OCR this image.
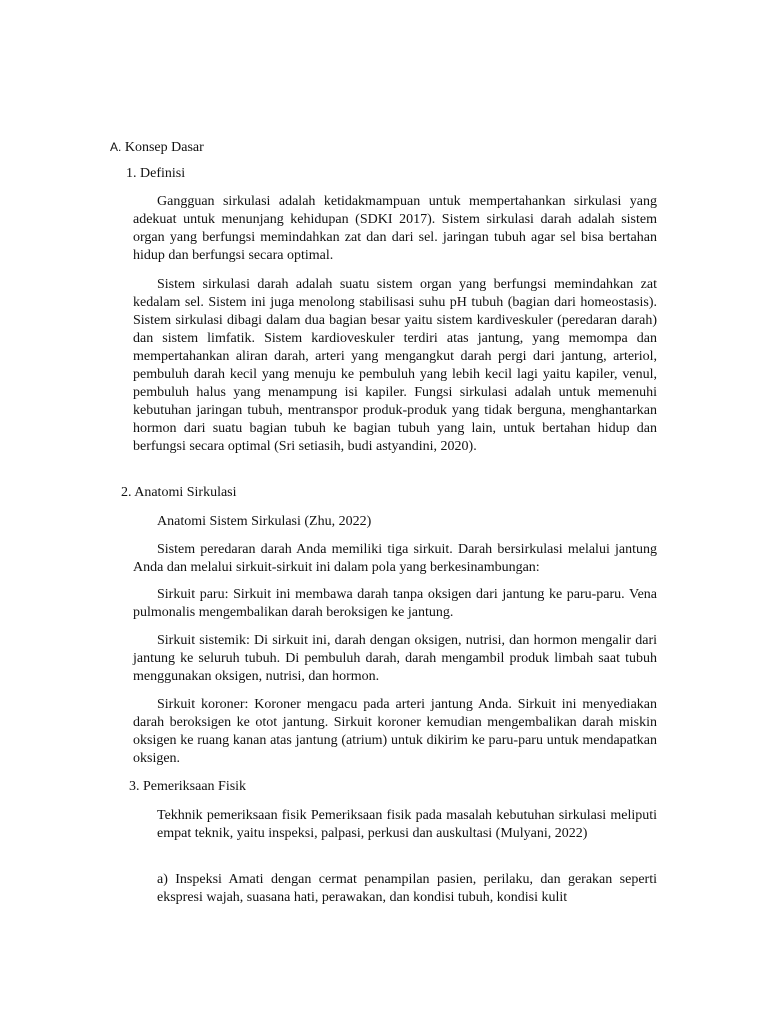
A. Konsep Dasar
1. Definisi

Gangguan sirkulasi adalah ketidakmampuan untuk mempertahankan sirkulasi yang adekuat untuk menunjang kehidupan (SDKI 2017). Sistem sirkulasi darah adalah sistem organ yang berfungsi memindahkan zat dan dari sel. jaringan tubuh agar sel bisa bertahan hidup dan berfungsi secara optimal.

Sistem sirkulasi darah adalah suatu sistem organ yang berfungsi memindahkan zat kedalam sel. Sistem ini juga menolong stabilisasi suhu pH tubuh (bagian dari homeostasis). Sistem sirkulasi dibagi dalam dua bagian besar yaitu sistem kardiveskuler (peredaran darah) dan sistem limfatik. Sistem kardioveskuler terdiri atas jantung, yang memompa dan mempertahankan aliran darah, arteri yang mengangkut darah pergi dari jantung, arteriol, pembuluh darah kecil yang menuju ke pembuluh yang lebih kecil lagi yaitu kapiler, venul, pembuluh halus yang menampung isi kapiler. Fungsi sirkulasi adalah untuk memenuhi kebutuhan jaringan tubuh, mentranspor produk-produk yang tidak berguna, menghantarkan hormon dari suatu bagian tubuh ke bagian tubuh yang lain, untuk bertahan hidup dan berfungsi secara optimal (Sri setiasih, budi astyandini, 2020).

2. Anatomi Sirkulasi

Anatomi Sistem Sirkulasi (Zhu, 2022)

Sistem peredaran darah Anda memiliki tiga sirkuit. Darah bersirkulasi melalui jantung Anda dan melalui sirkuit-sirkuit ini dalam pola yang berkesinambungan:

Sirkuit paru: Sirkuit ini membawa darah tanpa oksigen dari jantung ke paru-paru. Vena pulmonalis mengembalikan darah beroksigen ke jantung.

Sirkuit sistemik: Di sirkuit ini, darah dengan oksigen, nutrisi, dan hormon mengalir dari jantung ke seluruh tubuh. Di pembuluh darah, darah mengambil produk limbah saat tubuh menggunakan oksigen, nutrisi, dan hormon.

Sirkuit koroner: Koroner mengacu pada arteri jantung Anda. Sirkuit ini menyediakan darah beroksigen ke otot jantung. Sirkuit koroner kemudian mengembalikan darah miskin oksigen ke ruang kanan atas jantung (atrium) untuk dikirim ke paru-paru untuk mendapatkan oksigen.

3. Pemeriksaan Fisik

Tekhnik pemeriksaan fisik Pemeriksaan fisik pada masalah kebutuhan sirkulasi meliputi empat teknik, yaitu inspeksi, palpasi, perkusi dan auskultasi (Mulyani, 2022)

a) Inspeksi Amati dengan cermat penampilan pasien, perilaku, dan gerakan seperti ekspresi wajah, suasana hati, perawakan, dan kondisi tubuh, kondisi kulit
